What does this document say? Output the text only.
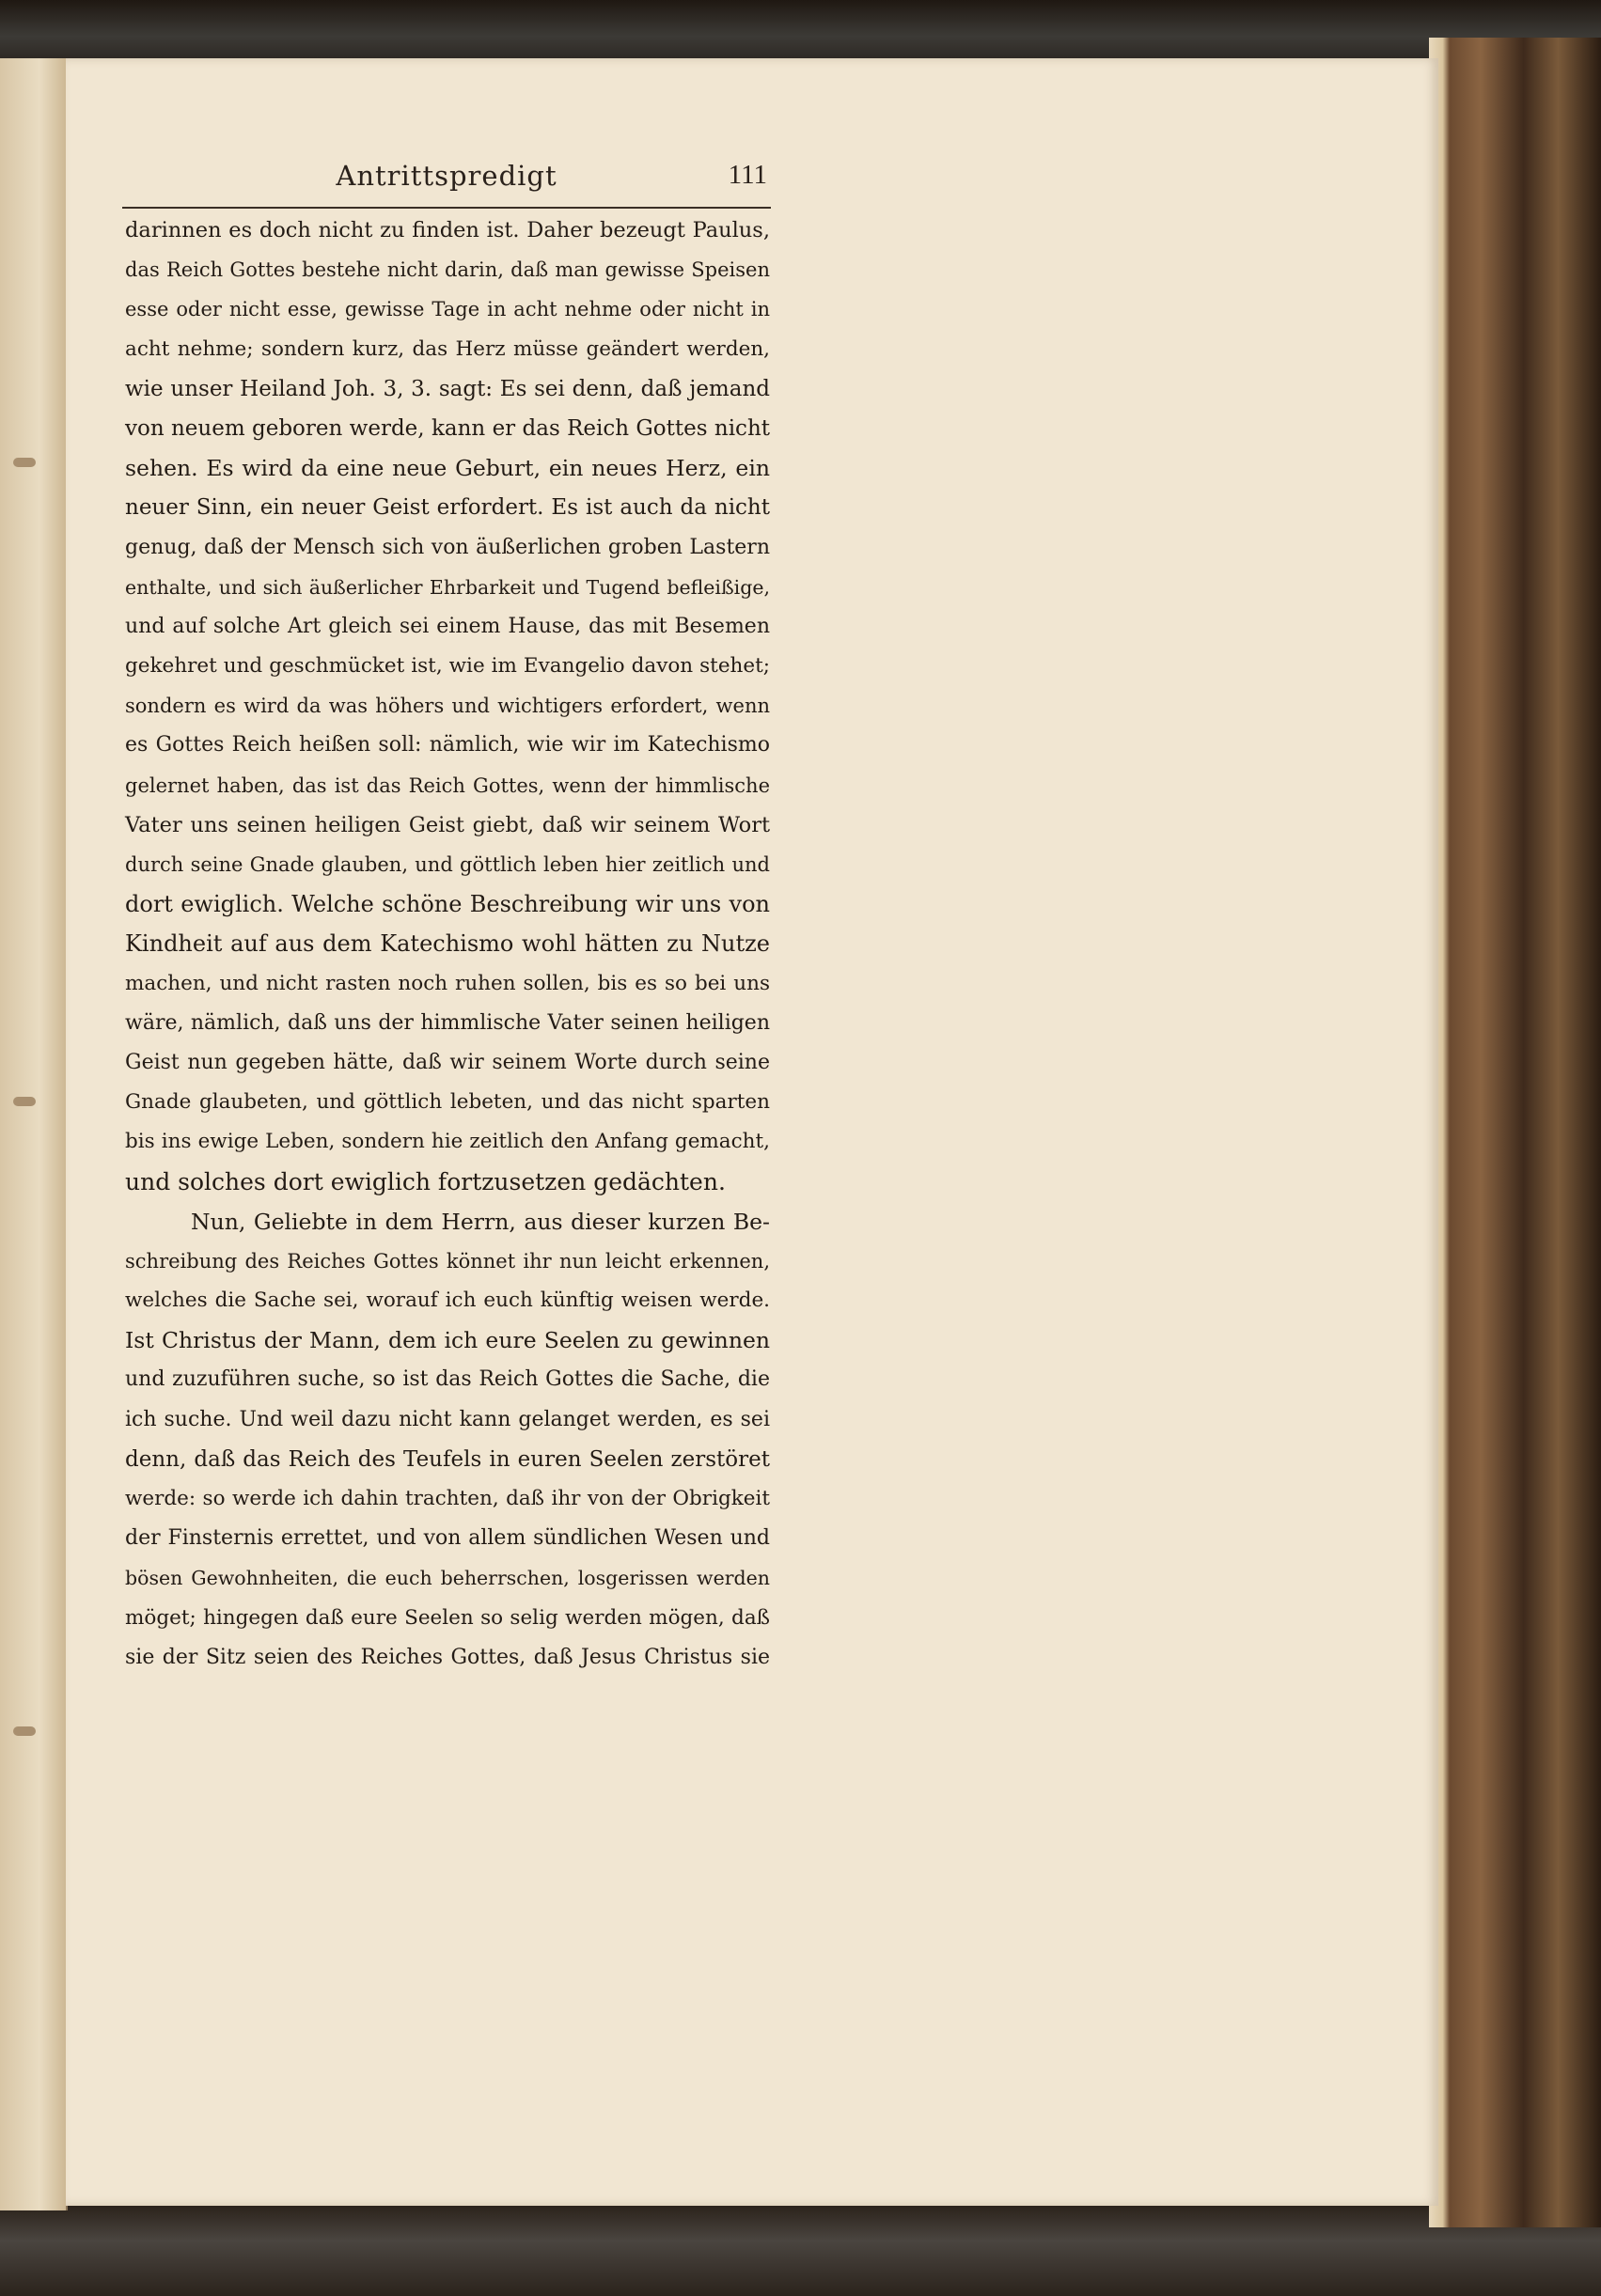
Antrittspredigt	111
darinnen es doch nicht zu finden ist. Daher bezeugt Paulus,
das Reich Gottes bestehe nicht darin, daß man gewisse Speisen
esse oder nicht esse, gewisse Tage in acht nehme oder nicht in
acht nehme; sondern kurz, das Herz müsse geändert werden,
wie unser Heiland Joh. 3, 3. sagt: Es sei denn, daß jemand
von neuem geboren werde, kann er das Reich Gottes nicht
sehen. Es wird da eine neue Geburt, ein neues Herz, ein
neuer Sinn, ein neuer Geist erfordert. Es ist auch da nicht
genug, daß der Mensch sich von äußerlichen groben Lastern
enthalte, und sich äußerlicher Ehrbarkeit und Tugend befleißige,
und auf solche Art gleich sei einem Hause, das mit Besemen
gekehret und geschmücket ist, wie im Evangelio davon stehet;
sondern es wird da was höhers und wichtigers erfordert, wenn
es Gottes Reich heißen soll: nämlich, wie wir im Katechismo
gelernet haben, das ist das Reich Gottes, wenn der himmlische
Vater uns seinen heiligen Geist giebt, daß wir seinem Wort
durch seine Gnade glauben, und göttlich leben hier zeitlich und
dort ewiglich. Welche schöne Beschreibung wir uns von
Kindheit auf aus dem Katechismo wohl hätten zu Nutze
machen, und nicht rasten noch ruhen sollen, bis es so bei uns
wäre, nämlich, daß uns der himmlische Vater seinen heiligen
Geist nun gegeben hätte, daß wir seinem Worte durch seine
Gnade glaubeten, und göttlich lebeten, und das nicht sparten
bis ins ewige Leben, sondern hie zeitlich den Anfang gemacht,
und solches dort ewiglich fortzusetzen gedächten.
Nun, Geliebte in dem Herrn, aus dieser kurzen Be-
schreibung des Reiches Gottes könnet ihr nun leicht erkennen,
welches die Sache sei, worauf ich euch künftig weisen werde.
Ist Christus der Mann, dem ich eure Seelen zu gewinnen
und zuzuführen suche, so ist das Reich Gottes die Sache, die
ich suche. Und weil dazu nicht kann gelanget werden, es sei
denn, daß das Reich des Teufels in euren Seelen zerstöret
werde: so werde ich dahin trachten, daß ihr von der Obrigkeit
der Finsternis errettet, und von allem sündlichen Wesen und
bösen Gewohnheiten, die euch beherrschen, losgerissen werden
möget; hingegen daß eure Seelen so selig werden mögen, daß
sie der Sitz seien des Reiches Gottes, daß Jesus Christus sie
